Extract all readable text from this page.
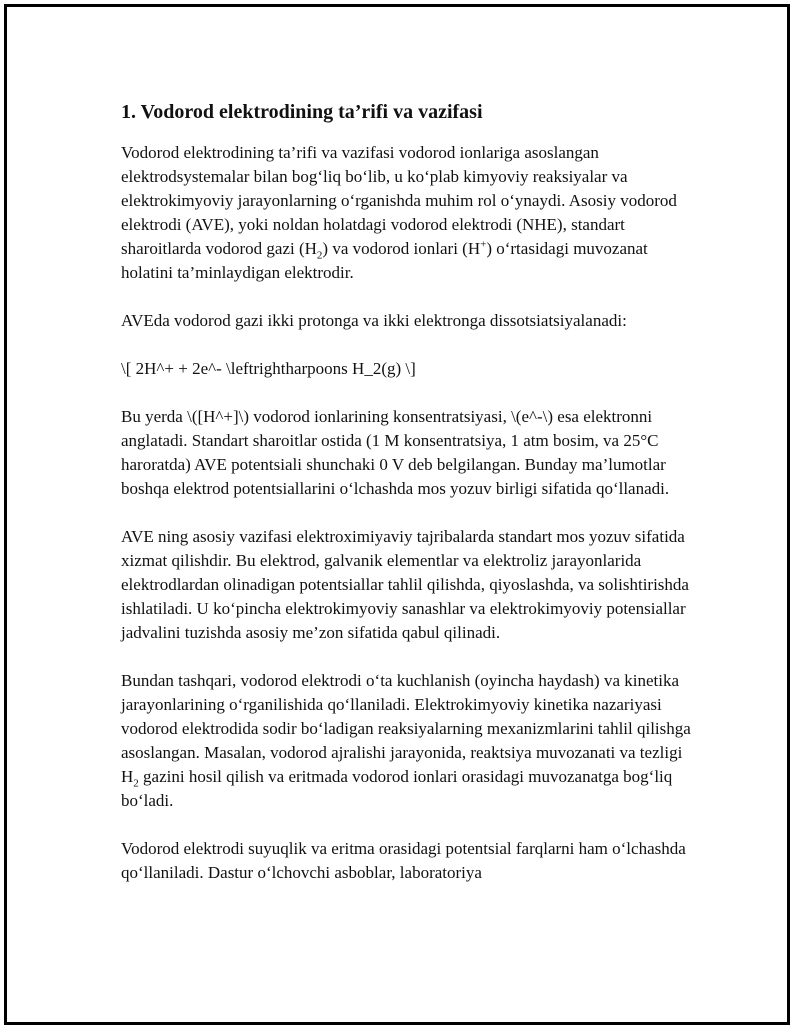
1. Vodorod elektrodining ta’rifi va vazifasi

Vodorod elektrodining ta’rifi va vazifasi vodorod ionlariga asoslangan elektrodsystemalar bilan bog‘liq bo‘lib, u ko‘plab kimyoviy reaksiyalar va elektrokimyoviy jarayonlarning o‘rganishda muhim rol o‘ynaydi. Asosiy vodorod elektrodi (AVE), yoki noldan holatdagi vodorod elektrodi (NHE), standart sharoitlarda vodorod gazi $(H_2)$ va vodorod ionlari (H+) o‘rtasidagi muvozanat holatini ta’minlaydigan elektrodir.

AVEda vodorod gazi ikki protonga va ikki elektronga dissotsiatsiyalanadi:

\[ 2H^+ + 2e^- \leftrightharpoons H_2(g) \]

Bu yerda \([H^+]\) vodorod ionlarining konsentratsiyasi, \(e^-\) esa elektronni anglatadi. Standart sharoitlar ostida (1 M konsentratsiya, 1 atm bosim, va 25°C haroratda) AVE potentsiali shunchaki 0 V deb belgilangan. Bunday ma’lumotlar boshqa elektrod potentsiallarini o‘lchashda mos yozuv birligi sifatida qo‘llanadi.

AVE ning asosiy vazifasi elektroximiyaviy tajribalarda standart mos yozuv sifatida xizmat qilishdir. Bu elektrod, galvanik elementlar va elektroliz jarayonlarida elektrodlardan olinadigan potentsiallar tahlil qilishda, qiyoslashda, va solishtirishda ishlatiladi. U ko‘pincha elektrokimyoviy sanashlar va elektrokimyoviy potensiallar jadvalini tuzishda asosiy me’zon sifatida qabul qilinadi.

Bundan tashqari, vodorod elektrodi o‘ta kuchlanish (oyincha haydash) va kinetika jarayonlarining o‘rganilishida qo‘llaniladi. Elektrokimyoviy kinetika nazariyasi vodorod elektrodida sodir bo‘ladigan reaksiyalarning mexanizmlarini tahlil qilishga asoslangan. Masalan, vodorod ajralishi jarayonida, reaktsiya muvozanati va tezligi $H_2$ gazini hosil qilish va eritmada vodorod ionlari orasidagi muvozanatga bog‘liq bo‘ladi.

Vodorod elektrodi suyuqlik va eritma orasidagi potentsial farqlarni ham o‘lchashda qo‘llaniladi. Dastur o‘lchovchi asboblar, laboratoriya
